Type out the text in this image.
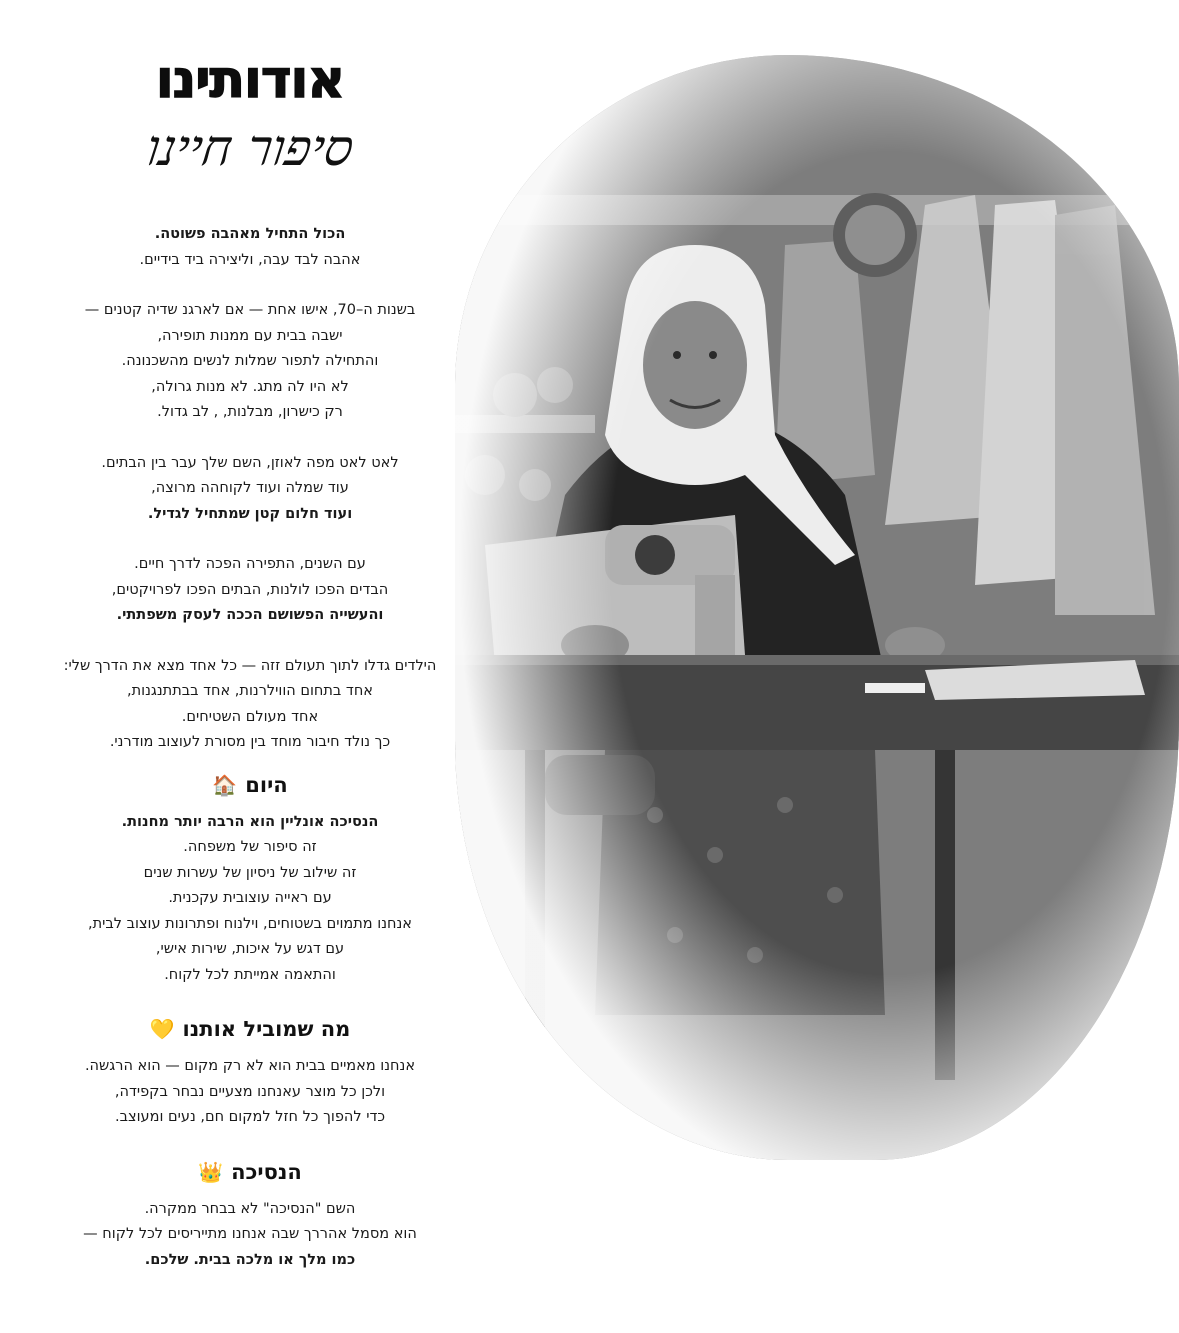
אודותינו
סיפור חיינו

הכול התחיל מאהבה פשוטה.
אהבה לבד עבה, וליצירה ביד בידיים.

בשנות ה–70, אישו אחת — אם לארגנ שדיה קטנים —
ישבה בבית עם ממנות תופירה,
והתחילה לתפור שמלות לנשים מהשכנונה.
לא היו לה מתג. לא מנות גרולה,
רק כישרון, מבלנות, , לב גדול.

לאט לאט מפה לאוזן, השם שלך עבר בין הבתים.
עוד שמלה ועוד לקוחהה מרוצה,
ועוד חלום קטן שמתחיל לגדיל.

עם השנים, התפירה הפכה לדרך חיים.
הבדים הפכו לולנות, הבתים הפכו לפרויקטים,
והעשייה הפשושם הככה לעסק משפתתי.

הילדים גדלו לתוך תעולם זזה — כל אחד מצא את הדרך שלי:
אחד בתחום הווילרנות, אחד בבתתנגנות,
אחד מעולם השטיחים.
כך נולד חיבור מוחד בין מסורת לעוצוב מודרני.

היום
🏠

הנסיכה אונליין הוא הרבה יותר מחנות.
זה סיפור של משפחה.
זה שילוב של ניסיון של עשרות שנים
עם ראייה עוצובית עקכנית.
אנחנו מתמוים בשטוחים, וילנוח ופתרונות עוצוב לבית,
עם דגש על איכות, שירות אישי,
והתאמה אמייתת לכל לקוח.

מה שמוביל אותנו
💛

אנחנו מאמיים בבית הוא לא רק מקום — הוא הרגשה.
ולכן כל מוצר עאנחנו מצעיים נבחר בקפידה,
כדי להפוך כל חזל למקום חם, נעים ומעוצב.

הנסיכה
👑

השם "הנסיכה" לא בבחר ממקרה.
הוא מסמל אהררך שבה אנחנו מתייריסים לכל לקוח —
כמו מלך או מלכה בבית. שלכם.
